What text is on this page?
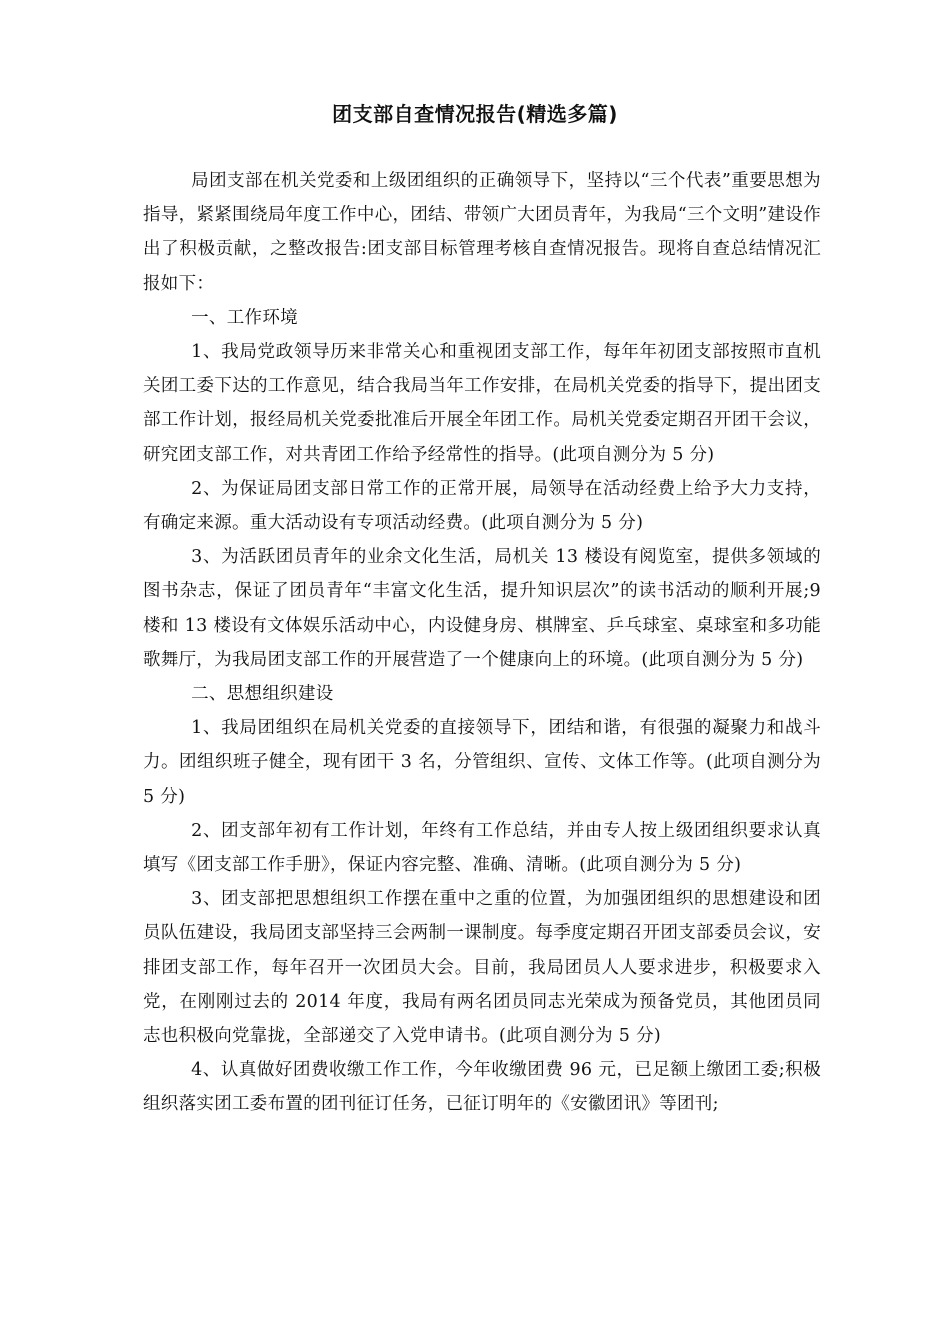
团支部自查情况报告(精选多篇)

局团支部在机关党委和上级团组织的正确领导下，坚持以“三个代表”重要思想为指导，紧紧围绕局年度工作中心，团结、带领广大团员青年，为我局“三个文明”建设作出了积极贡献，之整改报告:团支部目标管理考核自查情况报告。现将自查总结情况汇报如下：

一、工作环境

1、我局党政领导历来非常关心和重视团支部工作，每年年初团支部按照市直机关团工委下达的工作意见，结合我局当年工作安排，在局机关党委的指导下，提出团支部工作计划，报经局机关党委批准后开展全年团工作。局机关党委定期召开团干会议，研究团支部工作，对共青团工作给予经常性的指导。(此项自测分为 5 分)

2、为保证局团支部日常工作的正常开展，局领导在活动经费上给予大力支持，有确定来源。重大活动设有专项活动经费。(此项自测分为 5 分)

3、为活跃团员青年的业余文化生活，局机关 13 楼设有阅览室，提供多领域的图书杂志，保证了团员青年“丰富文化生活，提升知识层次”的读书活动的顺利开展;9 楼和 13 楼设有文体娱乐活动中心，内设健身房、棋牌室、乒乓球室、桌球室和多功能歌舞厅，为我局团支部工作的开展营造了一个健康向上的环境。(此项自测分为 5 分)

二、思想组织建设

1、我局团组织在局机关党委的直接领导下，团结和谐，有很强的凝聚力和战斗力。团组织班子健全，现有团干 3 名，分管组织、宣传、文体工作等。(此项自测分为 5 分)

2、团支部年初有工作计划，年终有工作总结，并由专人按上级团组织要求认真填写《团支部工作手册》，保证内容完整、准确、清晰。(此项自测分为 5 分)

3、团支部把思想组织工作摆在重中之重的位置，为加强团组织的思想建设和团员队伍建设，我局团支部坚持三会两制一课制度。每季度定期召开团支部委员会议，安排团支部工作，每年召开一次团员大会。目前，我局团员人人要求进步，积极要求入党，在刚刚过去的 2014 年度，我局有两名团员同志光荣成为预备党员，其他团员同志也积极向党靠拢，全部递交了入党申请书。(此项自测分为 5 分)

4、认真做好团费收缴工作工作，今年收缴团费 96 元，已足额上缴团工委;积极组织落实团工委布置的团刊征订任务，已征订明年的《安徽团讯》等团刊;
